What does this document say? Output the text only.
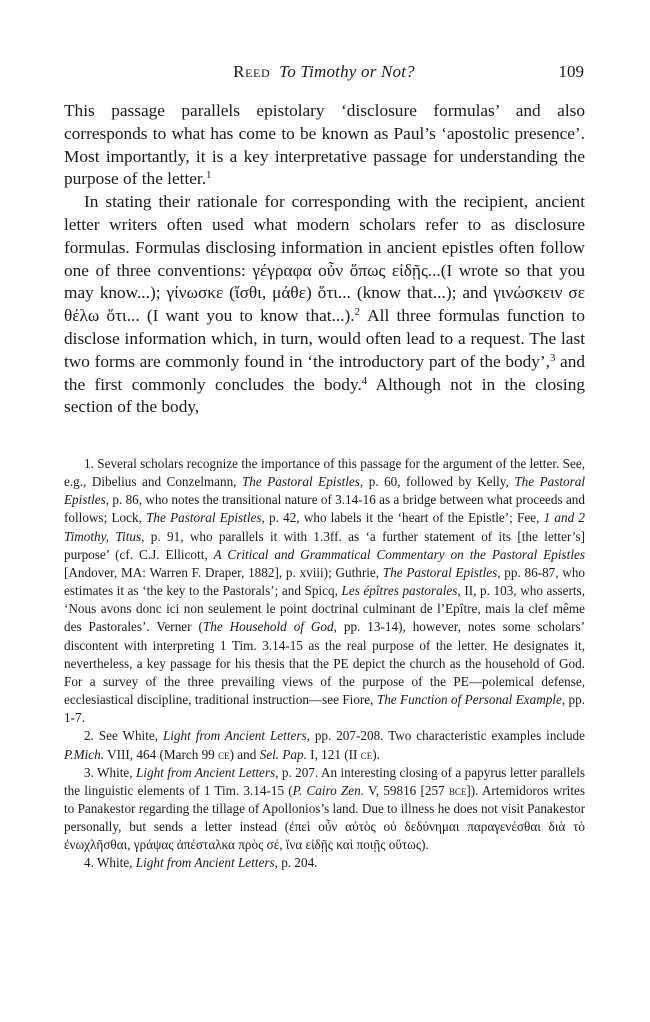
Reed To Timothy or Not?	109

This passage parallels epistolary ‘disclosure formulas’ and also corresponds to what has come to be known as Paul’s ‘apostolic presence’. Most importantly, it is a key interpretative passage for understanding the purpose of the letter.$^1$

In stating their rationale for corresponding with the recipient, ancient letter writers often used what modern scholars refer to as disclosure formulas. Formulas disclosing information in ancient epistles often follow one of three conventions: γέγραφα οὖν ὅπως εἰδῇς...(I wrote so that you may know...); γίνωσκε (ἴσθι, μάθε) ὅτι... (know that...); and γινώσκειν σε θέλω ὅτι... (I want you to know that...).$^2$ All three formulas function to disclose information which, in turn, would often lead to a request. The last two forms are commonly found in ‘the introductory part of the body’,$^3$ and the first commonly concludes the body.$^4$ Although not in the closing section of the body,

1. Several scholars recognize the importance of this passage for the argument of the letter. See, e.g., Dibelius and Conzelmann, The Pastoral Epistles, p. 60, followed by Kelly, The Pastoral Epistles, p. 86, who notes the transitional nature of 3.14-16 as a bridge between what proceeds and follows; Lock, The Pastoral Epistles, p. 42, who labels it the ‘heart of the Epistle’; Fee, 1 and 2 Timothy, Titus, p. 91, who parallels it with 1.3ff. as ‘a further statement of its [the letter’s] purpose’ (cf. C.J. Ellicott, A Critical and Grammatical Commentary on the Pastoral Epistles [Andover, MA: Warren F. Draper, 1882], p. xviii); Guthrie, The Pastoral Epistles, pp. 86-87, who estimates it as ‘the key to the Pastorals’; and Spicq, Les épîtres pastorales, II, p. 103, who asserts, ‘Nous avons donc ici non seulement le point doctrinal culminant de l’Epître, mais la clef même des Pastorales’. Verner (The Household of God, pp. 13-14), however, notes some scholars’ discontent with interpreting 1 Tim. 3.14-15 as the real purpose of the letter. He designates it, nevertheless, a key passage for his thesis that the PE depict the church as the household of God. For a survey of the three prevailing views of the purpose of the PE—polemical defense, ecclesiastical discipline, traditional instruction—see Fiore, The Function of Personal Example, pp. 1-7.

2. See White, Light from Ancient Letters, pp. 207-208. Two characteristic examples include P.Mich. VIII, 464 (March 99 ce) and Sel. Pap. I, 121 (II ce).

3. White, Light from Ancient Letters, p. 207. An interesting closing of a papyrus letter parallels the linguistic elements of 1 Tim. 3.14-15 (P. Cairo Zen. V, 59816 [257 bce]). Artemidoros writes to Panakestor regarding the tillage of Apollonios’s land. Due to illness he does not visit Panakestor personally, but sends a letter instead (ἐπεὶ οὖν αὐτὸς οὐ δεδύνημαι παραγενέσθαι διὰ τὸ ἐνωχλῆσθαι, γράψας ἀπέσταλκα πρὸς σέ, ἵνα εἰδῇς καὶ ποιῇς οὕτως).

4. White, Light from Ancient Letters, p. 204.
